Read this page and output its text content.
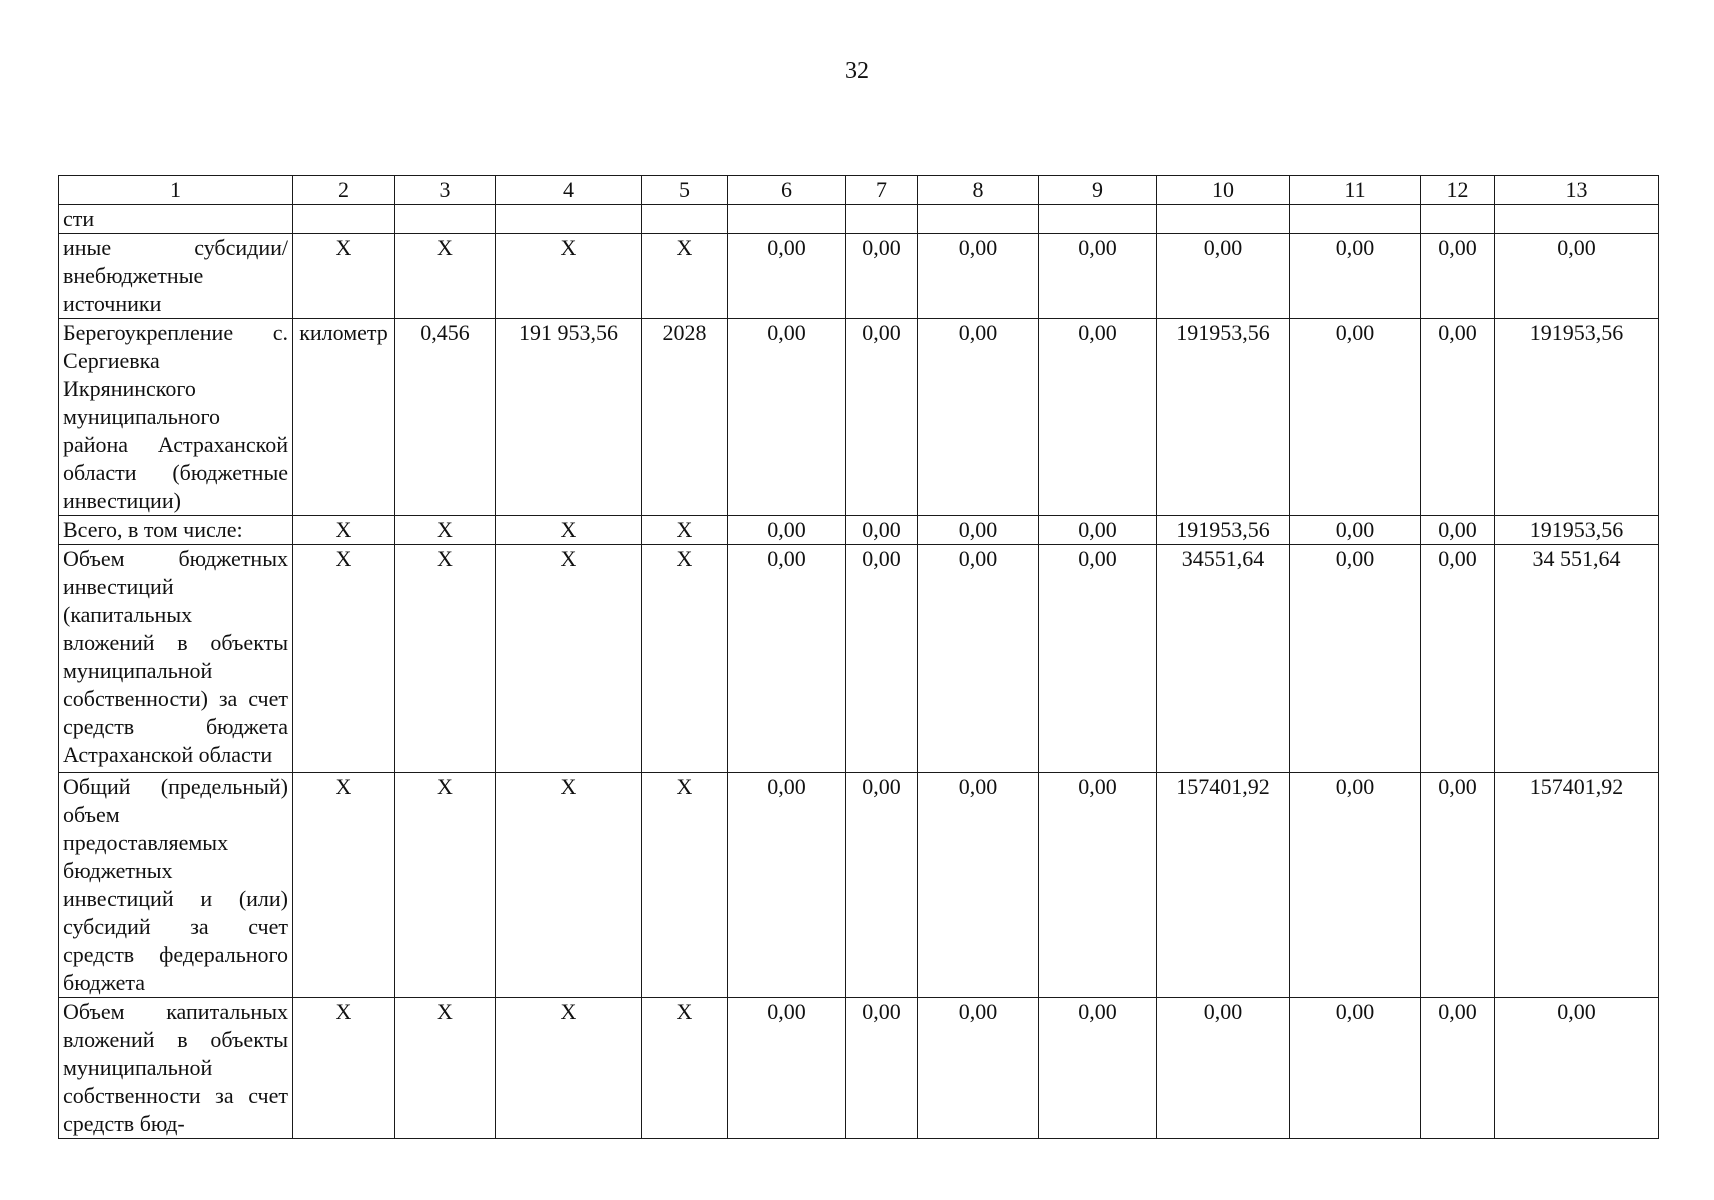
32
1	2	3	4	5	6	7	8	9	10	11	12	13
сти												
иные субсидии/ внебюджетные источники	X	X	X	X	0,00	0,00	0,00	0,00	0,00	0,00	0,00	0,00
Берегоукрепление с. Сергиевка Икрянинского муниципального района Астраханской области (бюджетные инвестиции)	километр	0,456	191 953,56	2028	0,00	0,00	0,00	0,00	191953,56	0,00	0,00	191953,56
Всего, в том числе:	X	X	X	X	0,00	0,00	0,00	0,00	191953,56	0,00	0,00	191953,56
Объем бюджетных инвестиций (капитальных вложений в объекты муниципальной собственности) за счет средств бюджета Астраханской области	X	X	X	X	0,00	0,00	0,00	0,00	34551,64	0,00	0,00	34 551,64
Общий (предельный) объем предоставляемых бюджетных инвестиций и (или) субсидий за счет средств федерального бюджета	X	X	X	X	0,00	0,00	0,00	0,00	157401,92	0,00	0,00	157401,92
Объем капитальных вложений в объекты муниципальной собственности за счет средств бюд-	X	X	X	X	0,00	0,00	0,00	0,00	0,00	0,00	0,00	0,00
